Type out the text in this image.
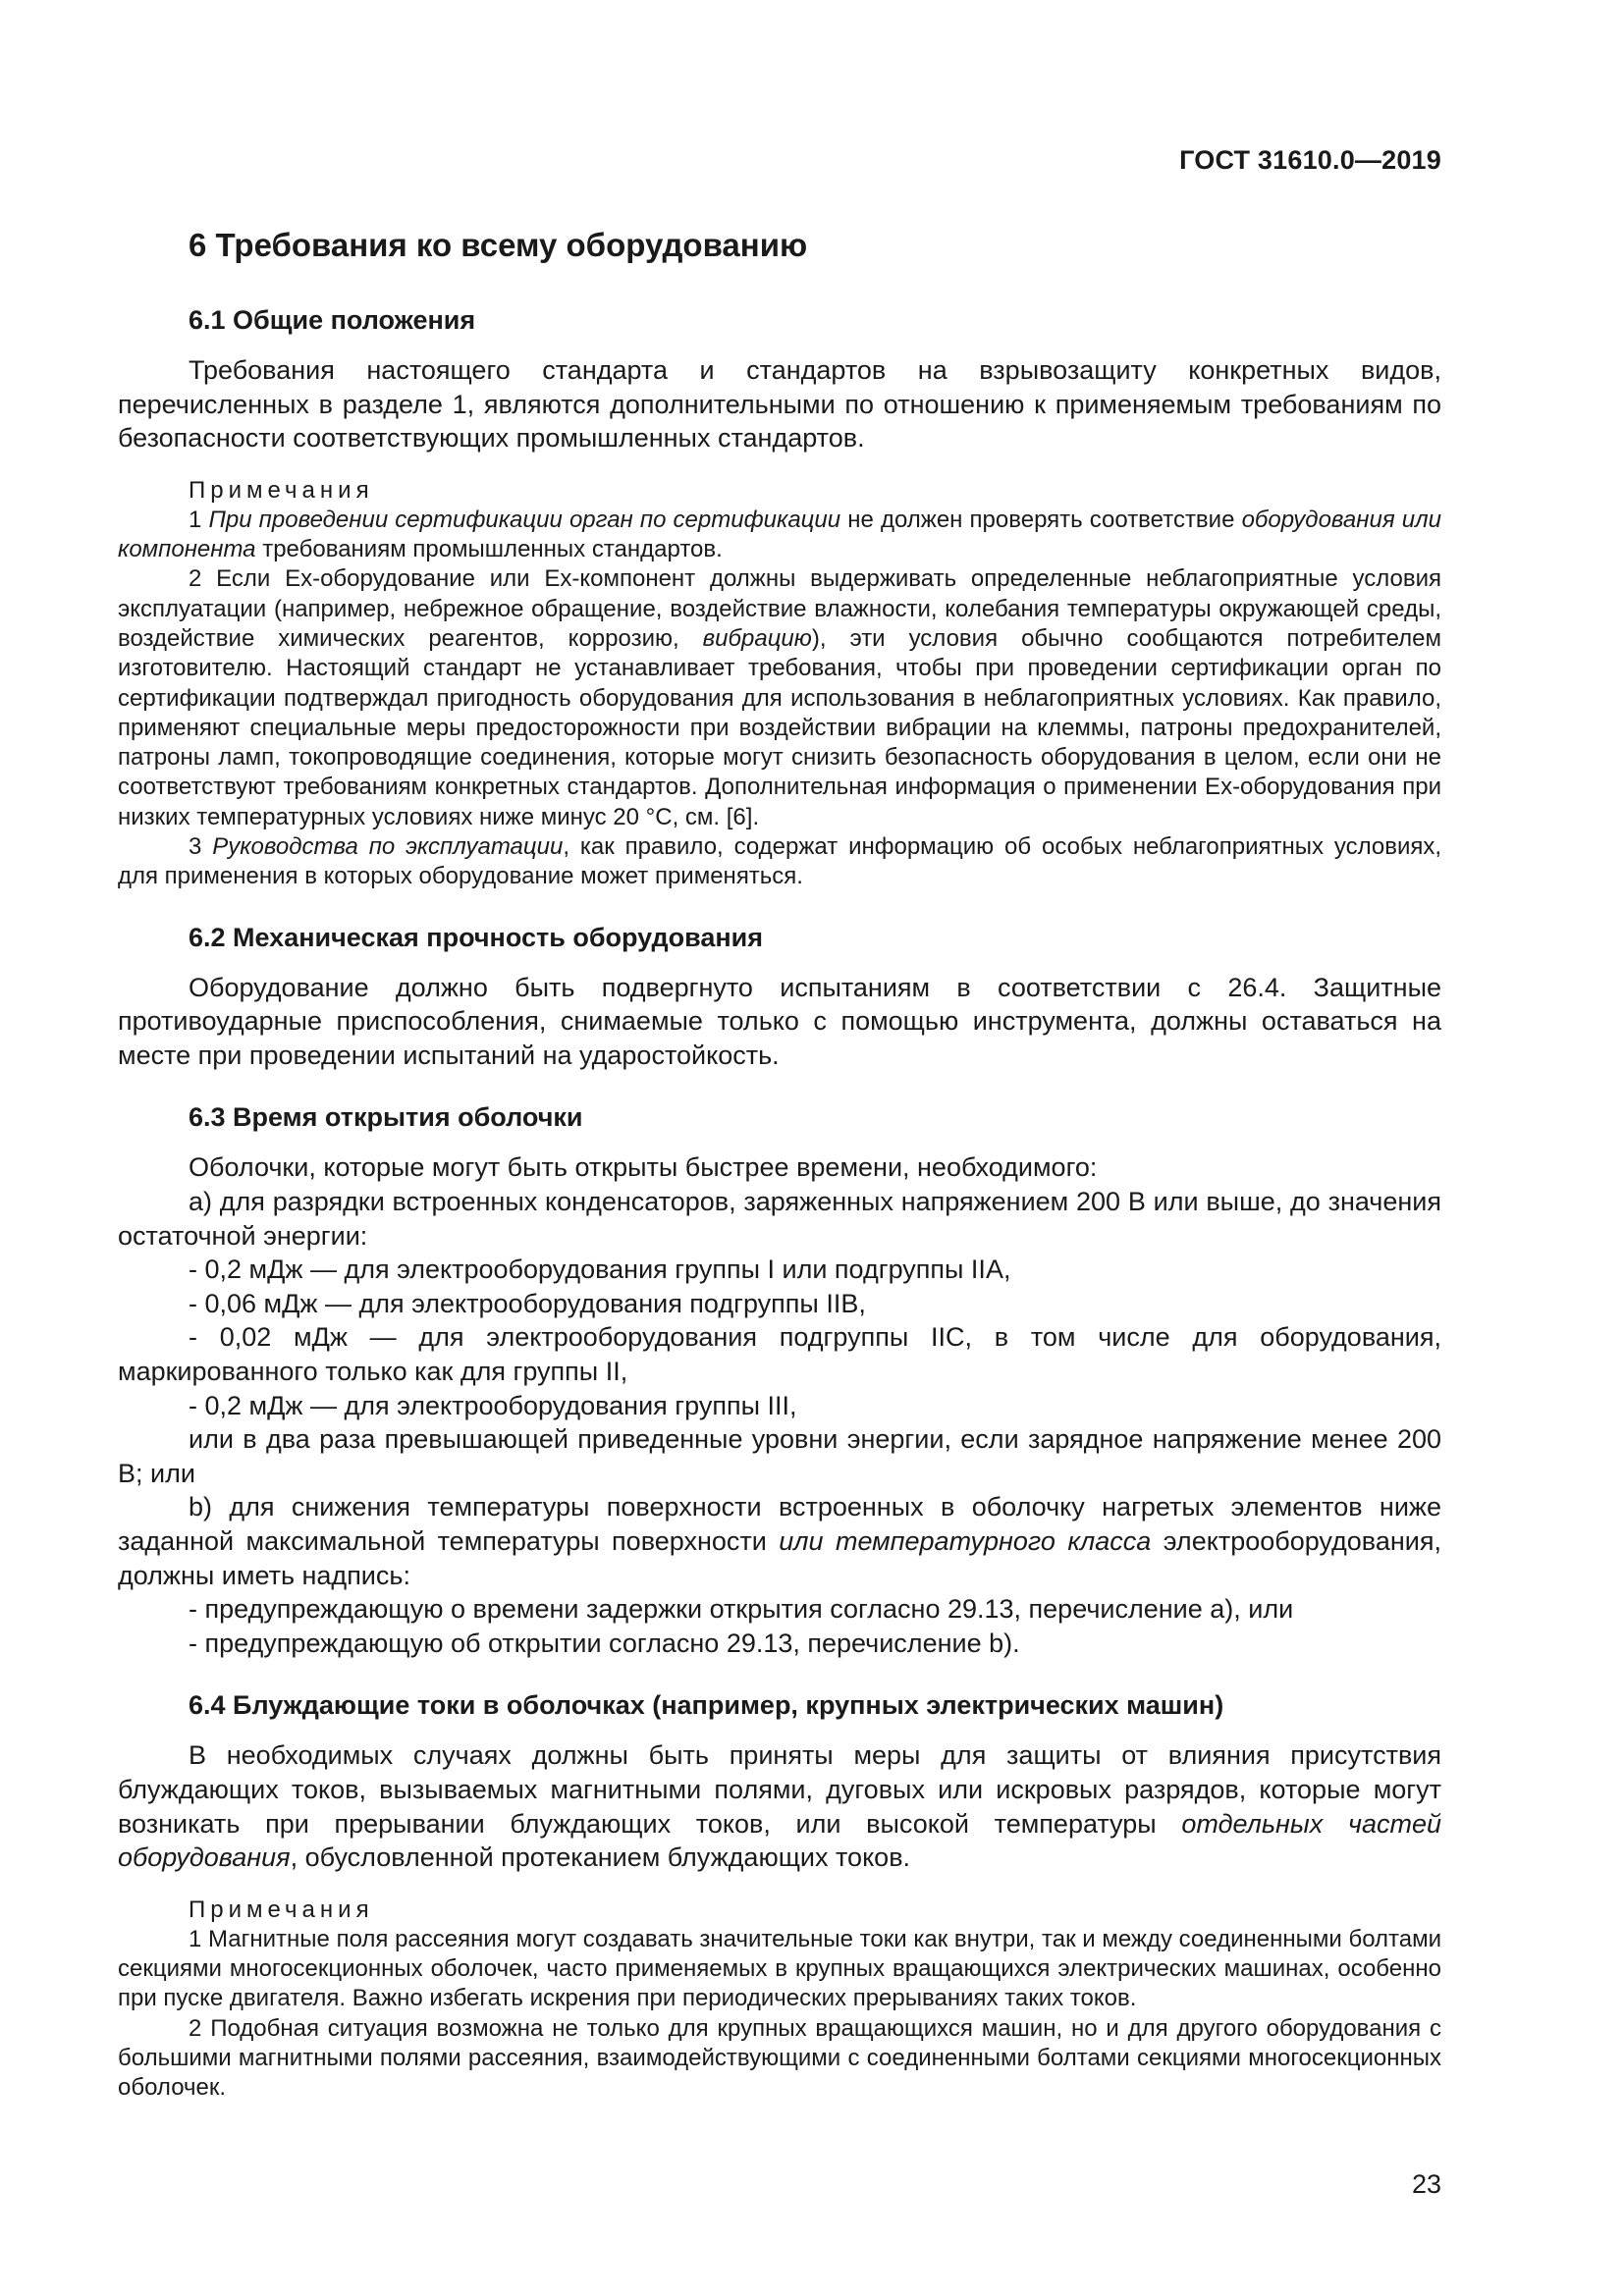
ГОСТ 31610.0—2019
6 Требования ко всему оборудованию
6.1 Общие положения

Требования настоящего стандарта и стандартов на взрывозащиту конкретных видов, перечисленных в разделе 1, являются дополнительными по отношению к применяемым требованиям по безопасности соответствующих промышленных стандартов.

Примечания

1 При проведении сертификации орган по сертификации не должен проверять соответствие оборудования или компонента требованиям промышленных стандартов.

2 Если Ex-оборудование или Ex-компонент должны выдерживать определенные неблагоприятные условия эксплуатации (например, небрежное обращение, воздействие влажности, колебания температуры окружающей среды, воздействие химических реагентов, коррозию, вибрацию), эти условия обычно сообщаются потребителем изготовителю. Настоящий стандарт не устанавливает требования, чтобы при проведении сертификации орган по сертификации подтверждал пригодность оборудования для использования в неблагоприятных условиях. Как правило, применяют специальные меры предосторожности при воздействии вибрации на клеммы, патроны предохранителей, патроны ламп, токопроводящие соединения, которые могут снизить безопасность оборудования в целом, если они не соответствуют требованиям конкретных стандартов. Дополнительная информация о применении Ex-оборудования при низких температурных условиях ниже минус 20 °С, см. [6].

3 Руководства по эксплуатации, как правило, содержат информацию об особых неблагоприятных условиях, для применения в которых оборудование может применяться.

6.2 Механическая прочность оборудования

Оборудование должно быть подвергнуто испытаниям в соответствии с 26.4. Защитные противоударные приспособления, снимаемые только с помощью инструмента, должны оставаться на месте при проведении испытаний на ударостойкость.

6.3 Время открытия оболочки

Оболочки, которые могут быть открыты быстрее времени, необходимого:

а) для разрядки встроенных конденсаторов, заряженных напряжением 200 В или выше, до значения остаточной энергии:

- 0,2 мДж — для электрооборудования группы I или подгруппы IIA,

- 0,06 мДж — для электрооборудования подгруппы IIB,

- 0,02 мДж — для электрооборудования подгруппы IIC, в том числе для оборудования, маркированного только как для группы II,

- 0,2 мДж — для электрооборудования группы III,

или в два раза превышающей приведенные уровни энергии, если зарядное напряжение менее 200 В; или

b) для снижения температуры поверхности встроенных в оболочку нагретых элементов ниже заданной максимальной температуры поверхности или температурного класса электрооборудования, должны иметь надпись:

- предупреждающую о времени задержки открытия согласно 29.13, перечисление а), или

- предупреждающую об открытии согласно 29.13, перечисление b).

6.4 Блуждающие токи в оболочках (например, крупных электрических машин)

В необходимых случаях должны быть приняты меры для защиты от влияния присутствия блуждающих токов, вызываемых магнитными полями, дуговых или искровых разрядов, которые могут возникать при прерывании блуждающих токов, или высокой температуры отдельных частей оборудования, обусловленной протеканием блуждающих токов.

Примечания

1 Магнитные поля рассеяния могут создавать значительные токи как внутри, так и между соединенными болтами секциями многосекционных оболочек, часто применяемых в крупных вращающихся электрических машинах, особенно при пуске двигателя. Важно избегать искрения при периодических прерываниях таких токов.

2 Подобная ситуация возможна не только для крупных вращающихся машин, но и для другого оборудования с большими магнитными полями рассеяния, взаимодействующими с соединенными болтами секциями многосекционных оболочек.

23
